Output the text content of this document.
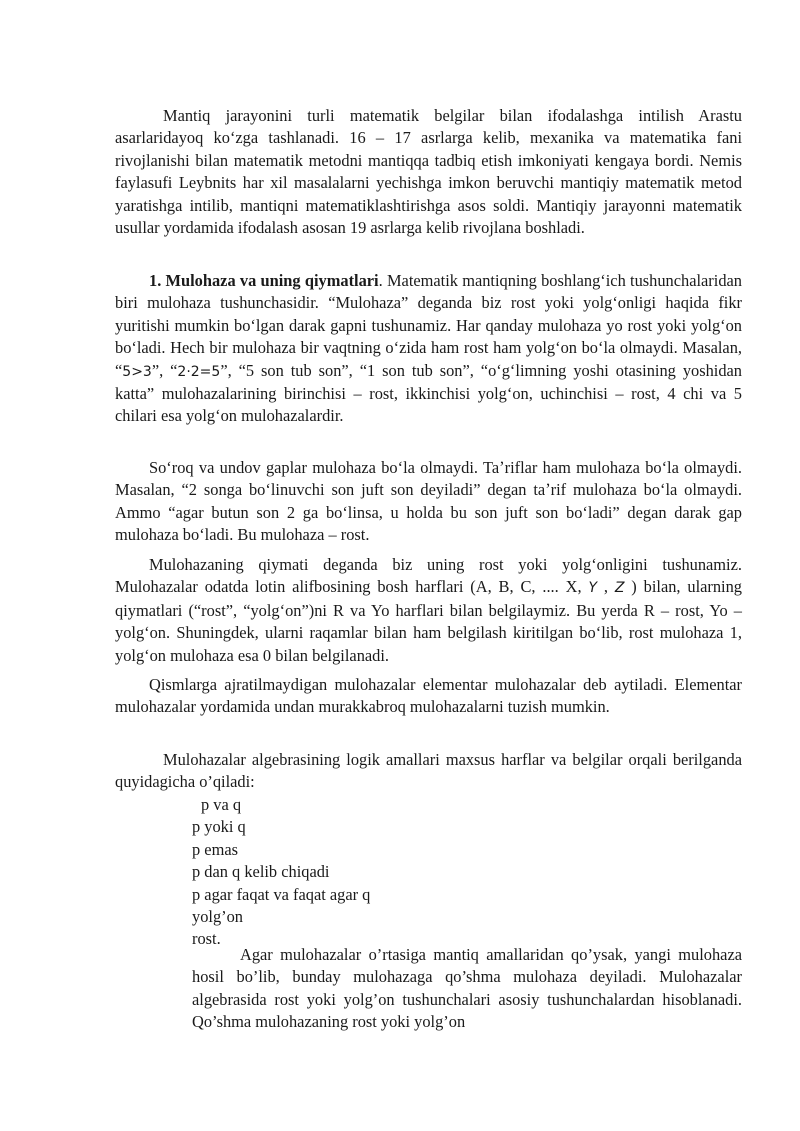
Mantiq jarayonini turli matematik belgilar bilan ifodalashga intilish Arastu asarlaridayoq koʻzga tashlanadi. 16 – 17 asrlarga kelib, mexanika va matematika fani rivojlanishi bilan matematik metodni mantiqqa tadbiq etish imkoniyati kengaya bordi. Nemis faylasufi Leybnits har xil masalalarni yechishga imkon beruvchi mantiqiy matematik metod yaratishga intilib, mantiqni matematiklashtirishga asos soldi. Mantiqiy jarayonni matematik usullar yordamida ifodalash asosan 19 asrlarga kelib rivojlana boshladi.

1. Mulohaza va uning qiymatlari. Matematik mantiqning boshlangʻich tushunchalaridan biri mulohaza tushunchasidir. “Mulohaza” deganda biz rost yoki yolgʻonligi haqida fikr yuritishi mumkin boʻlgan darak gapni tushunamiz. Har qanday mulohaza yo rost yoki yolgʻon boʻladi. Hech bir mulohaza bir vaqtning oʻzida ham rost ham yolgʻon boʻla olmaydi. Masalan, “5>3”, “2·2=5”, “5 son tub son”, “1 son tub son”, “oʻgʻlimning yoshi otasining yoshidan katta” mulohazalarining birinchisi – rost, ikkinchisi yolgʻon, uchinchisi – rost, 4 chi va 5 chilari esa yolgʻon mulohazalardir.

Soʻroq va undov gaplar mulohaza boʻla olmaydi. Taʼriflar ham mulohaza boʻla olmaydi. Masalan, “2 songa boʻlinuvchi son juft son deyiladi” degan taʼrif mulohaza boʻla olmaydi. Ammo “agar butun son 2 ga boʻlinsa, u holda bu son juft son boʻladi” degan darak gap mulohaza boʻladi. Bu mulohaza – rost.

Mulohazaning qiymati deganda biz uning rost yoki yolgʻonligini tushunamiz. Mulohazalar odatda lotin alifbosining bosh harflari (A, B, C, .... X, Y , Z ) bilan, ularning qiymatlari (“rost”, “yolgʻon”)ni R va Yo harflari bilan belgilaymiz. Bu yerda R – rost, Yo – yolgʻon. Shuningdek, ularni raqamlar bilan ham belgilash kiritilgan boʻlib, rost mulohaza 1, yolgʻon mulohaza esa 0 bilan belgilanadi.

Qismlarga ajratilmaydigan mulohazalar elementar mulohazalar deb aytiladi. Elementar mulohazalar yordamida undan murakkabroq mulohazalarni tuzish mumkin.

Mulohazalar algebrasining logik amallari maxsus harflar va belgilar orqali berilganda quyidagicha o’qiladi:

p va q
p yoki q
p emas
p dan q kelib chiqadi
p agar faqat va faqat agar q
yolg’on
rost.

Agar mulohazalar o’rtasiga mantiq amallaridan qo’ysak, yangi mulohaza hosil bo’lib, bunday mulohazaga qo’shma mulohaza deyiladi. Mulohazalar algebrasida rost yoki yolg’on tushunchalari asosiy tushunchalardan hisoblanadi. Qo’shma mulohazaning rost yoki yolg’on
